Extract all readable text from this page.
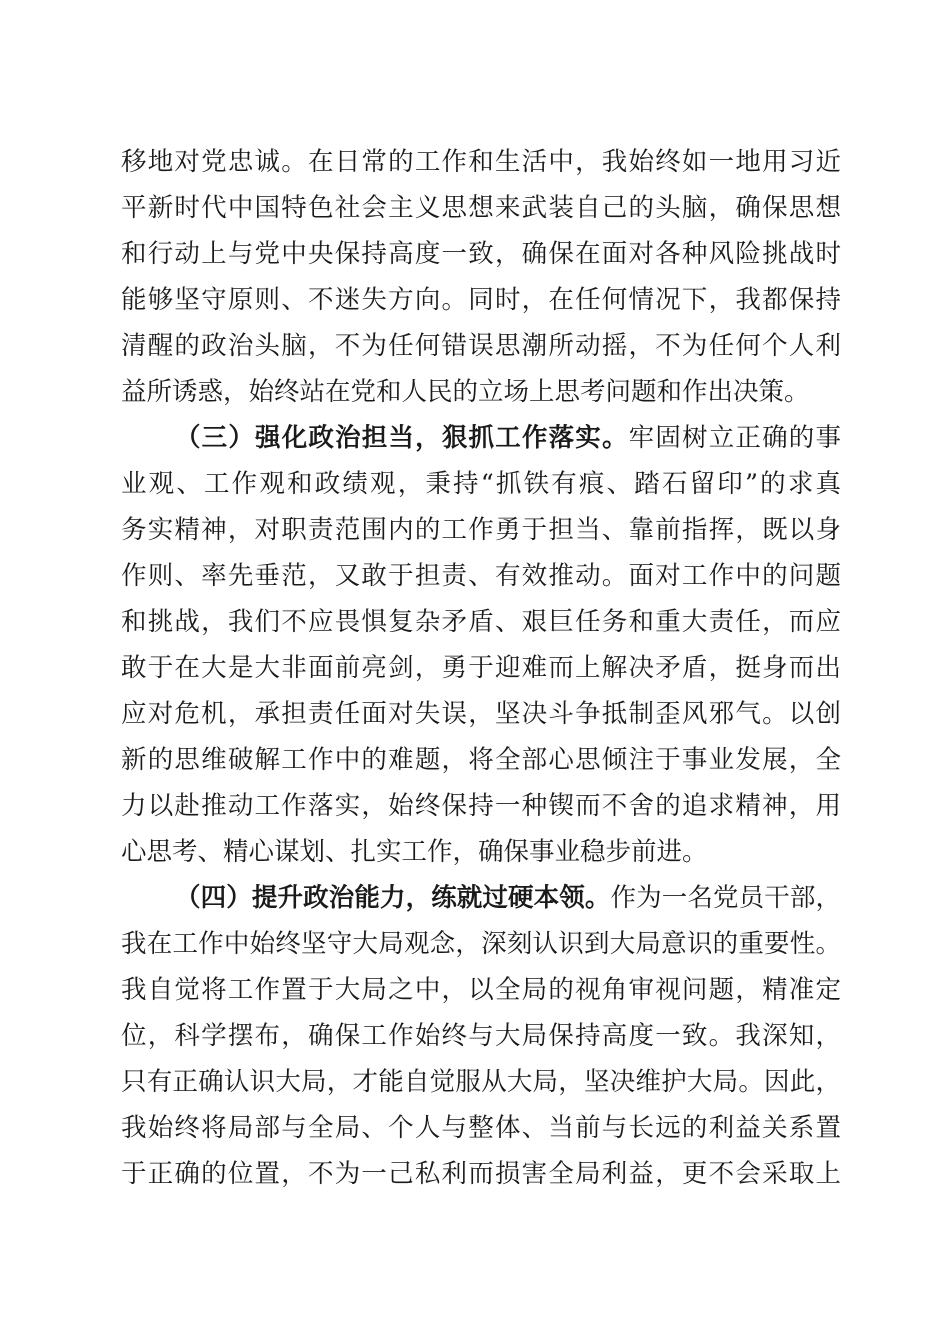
移地对党忠诚。在日常的工作和生活中，我始终如一地用习近
平新时代中国特色社会主义思想来武装自己的头脑，确保思想
和行动上与党中央保持高度一致，确保在面对各种风险挑战时
能够坚守原则、不迷失方向。同时，在任何情况下，我都保持
清醒的政治头脑，不为任何错误思潮所动摇，不为任何个人利
益所诱惑，始终站在党和人民的立场上思考问题和作出决策。
（三）强化政治担当，狠抓工作落实。牢固树立正确的事
业观、工作观和政绩观，秉持“抓铁有痕、踏石留印”的求真
务实精神，对职责范围内的工作勇于担当、靠前指挥，既以身
作则、率先垂范，又敢于担责、有效推动。面对工作中的问题
和挑战，我们不应畏惧复杂矛盾、艰巨任务和重大责任，而应
敢于在大是大非面前亮剑，勇于迎难而上解决矛盾，挺身而出
应对危机，承担责任面对失误，坚决斗争抵制歪风邪气。以创
新的思维破解工作中的难题，将全部心思倾注于事业发展，全
力以赴推动工作落实，始终保持一种锲而不舍的追求精神，用
心思考、精心谋划、扎实工作，确保事业稳步前进。
（四）提升政治能力，练就过硬本领。作为一名党员干部，
我在工作中始终坚守大局观念，深刻认识到大局意识的重要性。
我自觉将工作置于大局之中，以全局的视角审视问题，精准定
位，科学摆布，确保工作始终与大局保持高度一致。我深知，
只有正确认识大局，才能自觉服从大局，坚决维护大局。因此，
我始终将局部与全局、个人与整体、当前与长远的利益关系置
于正确的位置，不为一己私利而损害全局利益，更不会采取上
